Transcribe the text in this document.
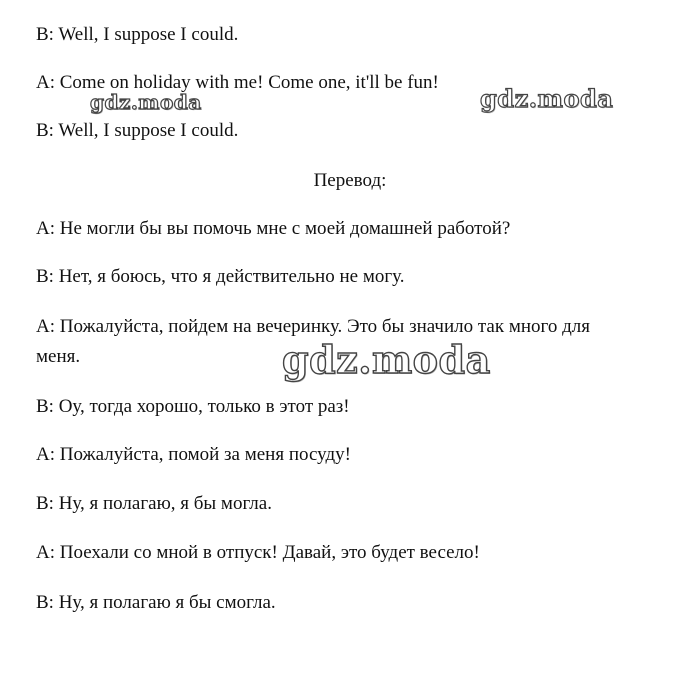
B: Well, I suppose I could.
A: Come on holiday with me! Come one, it'll be fun!
B: Well, I suppose I could.
Перевод:
A: Не могли бы вы помочь мне с моей домашней работой?
B: Нет, я боюсь, что я действительно не могу.
A: Пожалуйста, пойдем на вечеринку. Это бы значило так много для
меня.
B: Оу, тогда хорошо, только в этот раз!
A: Пожалуйста, помой за меня посуду!
B: Ну, я полагаю, я бы могла.
A: Поехали со мной в отпуск! Давай, это будет весело!
B: Ну, я полагаю я бы смогла.
gdz.moda	gdz.moda
gdz.moda
